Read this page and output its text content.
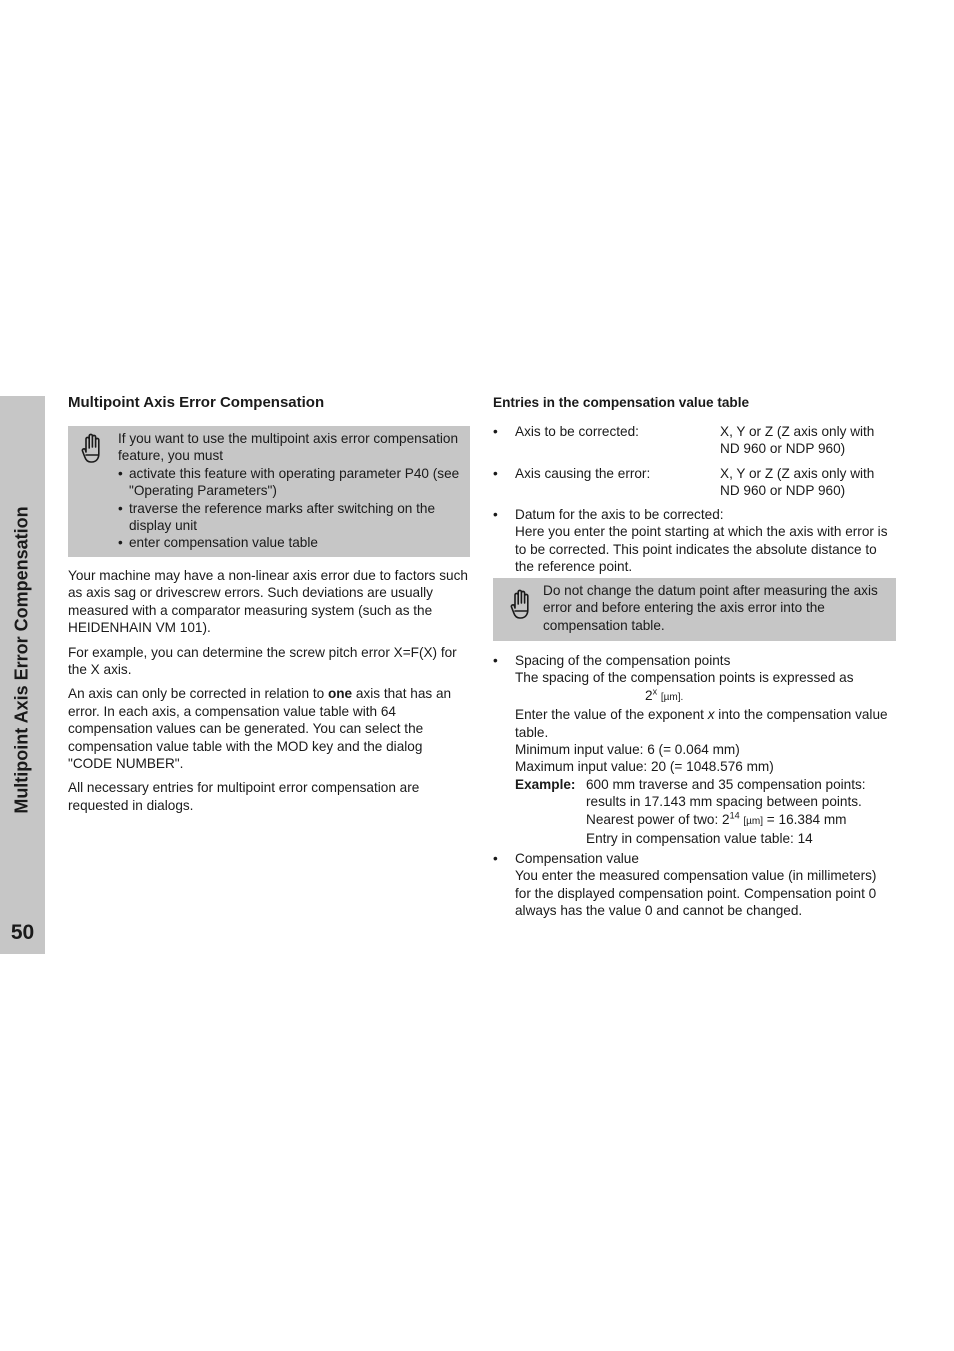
Multipoint Axis Error Compensation
50
Multipoint Axis Error Compensation
If you want to use the multipoint axis error compensation feature, you must
• activate this feature with operating parameter P40 (see "Operating Parameters")
• traverse the reference marks after switching on the display unit
• enter compensation value table

Your machine may have a non-linear axis error due to factors such as axis sag or drivescrew errors. Such deviations are usually measured with a comparator measuring system (such as the HEIDENHAIN VM 101).

For example, you can determine the screw pitch error X=F(X) for the X axis.

An axis can only be corrected in relation to one axis that has an error. In each axis, a compensation value table with 64 compensation values can be generated. You can select the compensation value table with the MOD key and the dialog "CODE NUMBER".

All necessary entries for multipoint error compensation are requested in dialogs.

Entries in the compensation value table
• Axis to be corrected:	X, Y or Z (Z axis only with ND 960 or NDP 960)
• Axis causing the error:	X, Y or Z (Z axis only with ND 960 or NDP 960)
• Datum for the axis to be corrected:
Here you enter the point starting at which the axis with error is to be corrected. This point indicates the absolute distance to the reference point.
Do not change the datum point after measuring the axis error and before entering the axis error into the compensation table.
• Spacing of the compensation points
The spacing of the compensation points is expressed as
2$^x$ [µm].
Enter the value of the exponent x into the compensation value table.
Minimum input value: 6 (= 0.064 mm)
Maximum input value: 20 (= 1048.576 mm)
Example: 600 mm traverse and 35 compensation points:
results in 17.143 mm spacing between points.
Nearest power of two: $2^{14}$ [µm] = 16.384 mm
Entry in compensation value table: 14
• Compensation value
You enter the measured compensation value (in millimeters) for the displayed compensation point. Compensation point 0 always has the value 0 and cannot be changed.
